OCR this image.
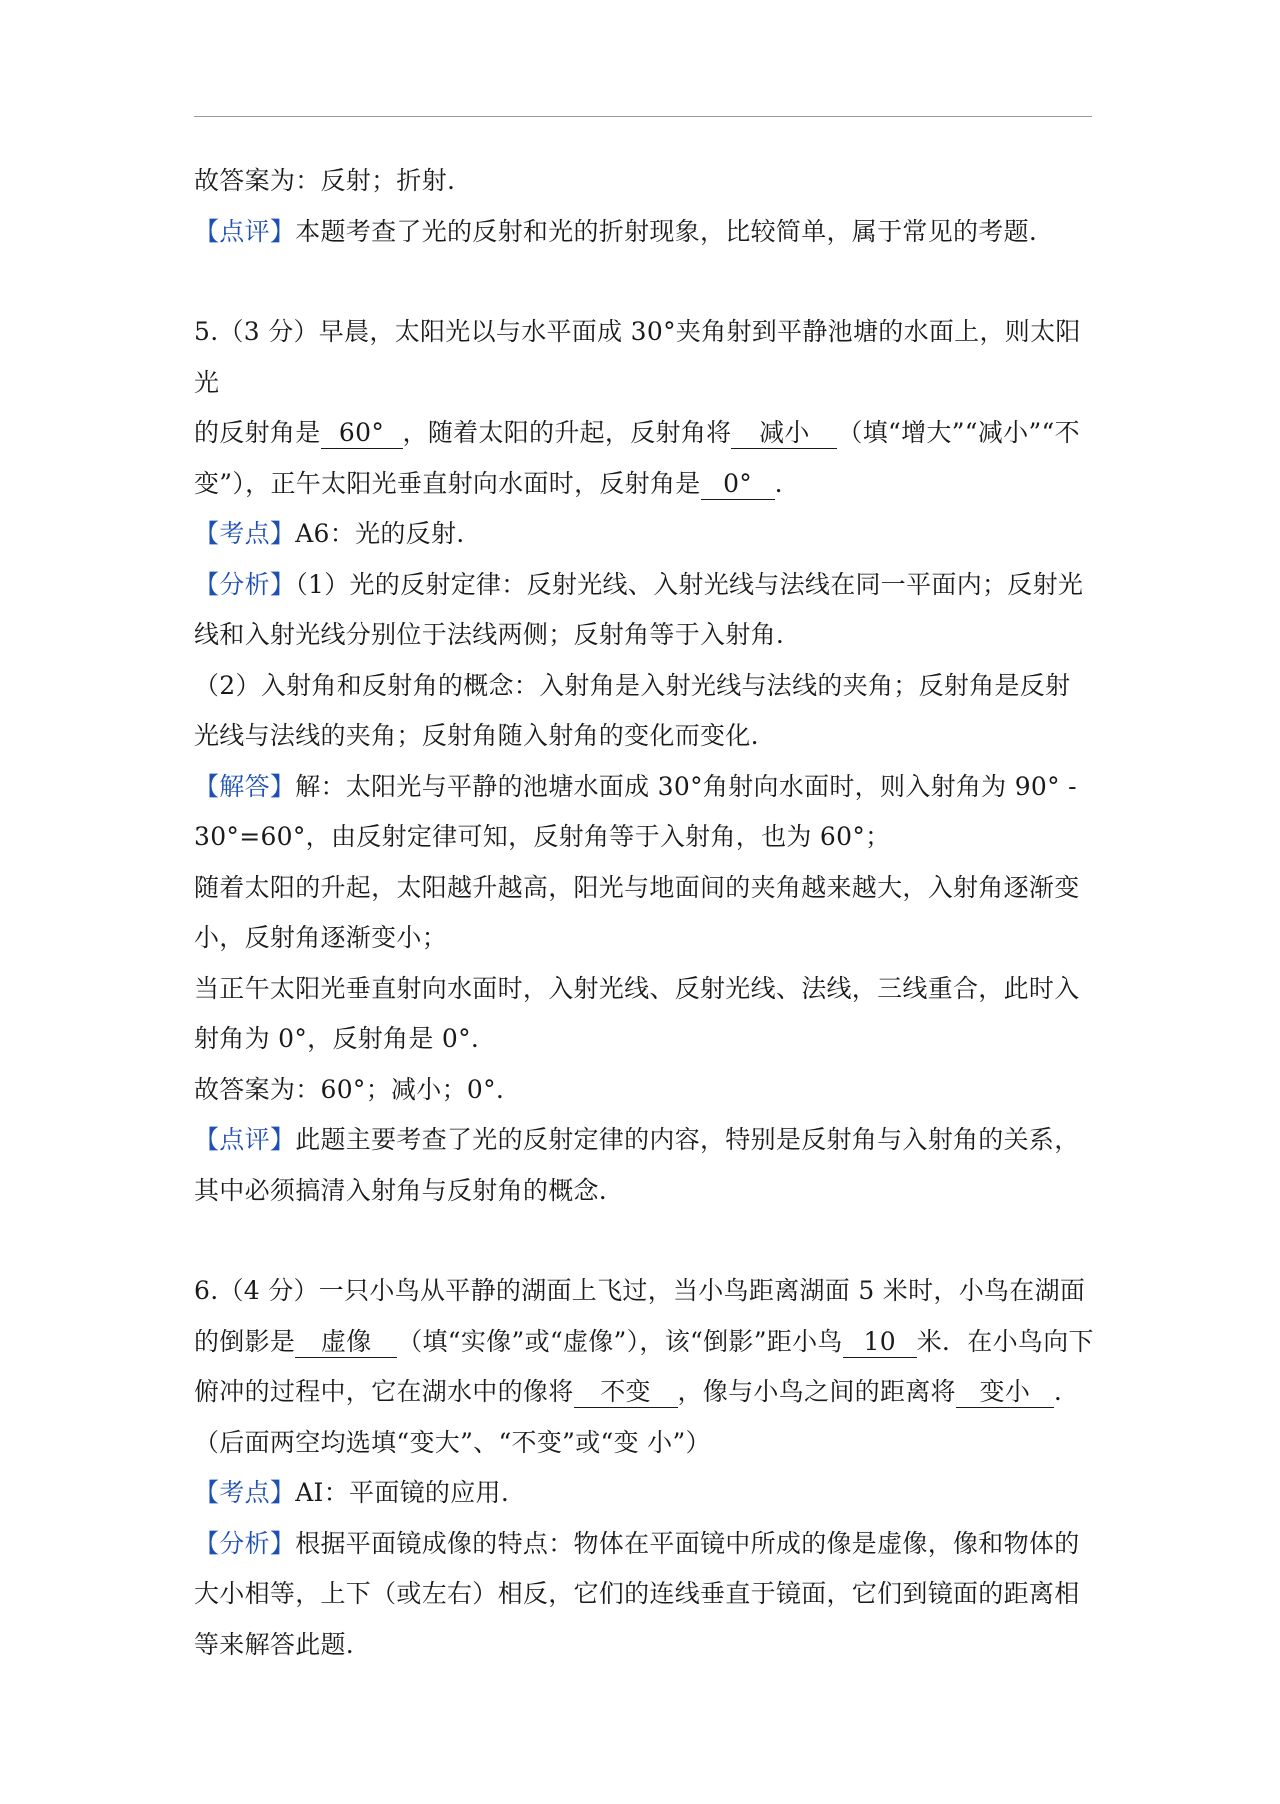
故答案为：反射；折射.

【点评】本题考查了光的反射和光的折射现象，比较简单，属于常见的考题.

5.（3 分）早晨，太阳光以与水平面成 30°夹角射到平静池塘的水面上，则太阳光

的反射角是 60° ，随着太阳的升起，反射角将 减小 （填“增大”“减小”“不

变”），正午太阳光垂直射向水面时，反射角是 0° .

【考点】A6：光的反射.

【分析】（1）光的反射定律：反射光线、入射光线与法线在同一平面内；反射光

线和入射光线分别位于法线两侧；反射角等于入射角.

（2）入射角和反射角的概念：入射角是入射光线与法线的夹角；反射角是反射

光线与法线的夹角；反射角随入射角的变化而变化.

【解答】解：太阳光与平静的池塘水面成 30°角射向水面时，则入射角为 90° -

30°=60°，由反射定律可知，反射角等于入射角，也为 60°；

随着太阳的升起，太阳越升越高，阳光与地面间的夹角越来越大，入射角逐渐变

小，反射角逐渐变小；

当正午太阳光垂直射向水面时，入射光线、反射光线、法线，三线重合，此时入

射角为 0°，反射角是 0°.

故答案为：60°；减小；0°.

【点评】此题主要考查了光的反射定律的内容，特别是反射角与入射角的关系，

其中必须搞清入射角与反射角的概念.

6.（4 分）一只小鸟从平静的湖面上飞过，当小鸟距离湖面 5 米时，小鸟在湖面

的倒影是 虚像 （填“实像”或“虚像”），该“倒影”距小鸟 10 米．在小鸟向下

俯冲的过程中，它在湖水中的像将 不变 ，像与小鸟之间的距离将 变小 .

（后面两空均选填“变大”、“不变”或“变 小”）

【考点】AI：平面镜的应用.

【分析】根据平面镜成像的特点：物体在平面镜中所成的像是虚像，像和物体的

大小相等，上下（或左右）相反，它们的连线垂直于镜面，它们到镜面的距离相

等来解答此题.
